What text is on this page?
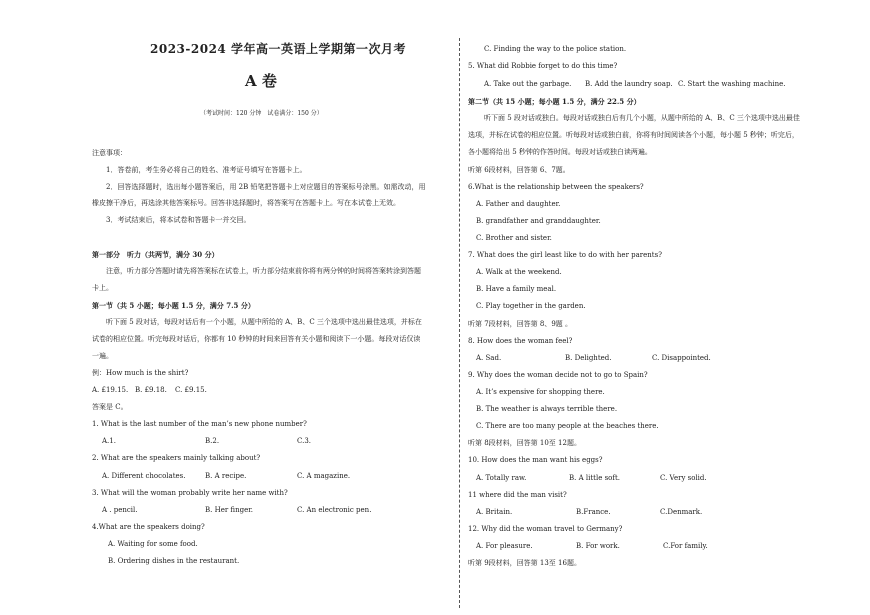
2023-2024 学年高一英语上学期第一次月考
A 卷
（考试时间：120 分钟　试卷满分：150 分）
注意事项：
1．答卷前，考生务必将自己的姓名、准考证号填写在答题卡上。
2．回答选择题时，选出每小题答案后，用 2B 铅笔把答题卡上对应题目的答案标号涂黑。如需改动，用
橡皮擦干净后，再选涂其他答案标号。回答非选择题时，将答案写在答题卡上。写在本试卷上无效。
3．考试结束后，将本试卷和答题卡一并交回。
第一部分　听力（共两节，满分 30 分）
注意，听力部分答题时请先将答案标在试卷上，听力部分结束前你将有两分钟的时间将答案转涂到答题
卡上。
第一节（共 5 小题；每小题 1.5 分，满分 7.5 分）
听下面 5 段对话，每段对话后有一个小题，从题中所给的 A、B、C 三个选项中选出最佳选项，并标在
试卷的相应位置。听完每段对话后，你都有 10 秒钟的时间来回答有关小题和阅读下一小题。每段对话仅读
一遍。
例：How much is the shirt?
A. £19.15. B. £9.18. C. £9.15.
答案是 C。
1. What is the last number of the man’s new phone number?
A.1.	B.2.	C.3.
2. What are the speakers mainly talking about?
A. Different chocolates.	B. A recipe.	C. A magazine.
3. What will the woman probably write her name with?
A . pencil.	B. Her finger.	C. An electronic pen.
4.What are the speakers doing?
A. Waiting for some food.
B. Ordering dishes in the restaurant.
C. Finding the way to the police station.
5. What did Robbie forget to do this time?
A. Take out the garbage. B. Add the laundry soap. C. Start the washing machine.
第二节（共 15 小题；每小题 1.5 分，满分 22.5 分）
听下面 5 段对话或独白。每段对话或独白后有几个小题，从题中所给的 A、B、C 三个选项中选出最佳
选项，并标在试卷的相应位置。听每段对话或独白前，你将有时间阅读各个小题，每小题 5 秒钟；听完后，
各小题将给出 5 秒钟的作答时间。每段对话或独白读两遍。
听第 6段材料，回答第 6、7题。
6.What is the relationship between the speakers?
A. Father and daughter.
B. grandfather and granddaughter.
C. Brother and sister.
7. What does the girl least like to do with her parents?
A. Walk at the weekend.
B. Have a family meal.
C. Play together in the garden.
听第 7段材料，回答第 8、9题 。
8. How does the woman feel?
A. Sad.	B. Delighted.	C. Disappointed.
9. Why does the woman decide not to go to Spain?
A. It’s expensive for shopping there.
B. The weather is always terrible there.
C. There are too many people at the beaches there.
听第 8段材料，回答第 10至 12题。
10. How does the man want his eggs?
A. Totally raw.	B. A little soft.	C. Very solid.
11 where did the man visit?
A. Britain.	B.France.	C.Denmark.
12. Why did the woman travel to Germany?
A. For pleasure.	B. For work.	C.For family.
听第 9段材料，回答第 13至 16题。
